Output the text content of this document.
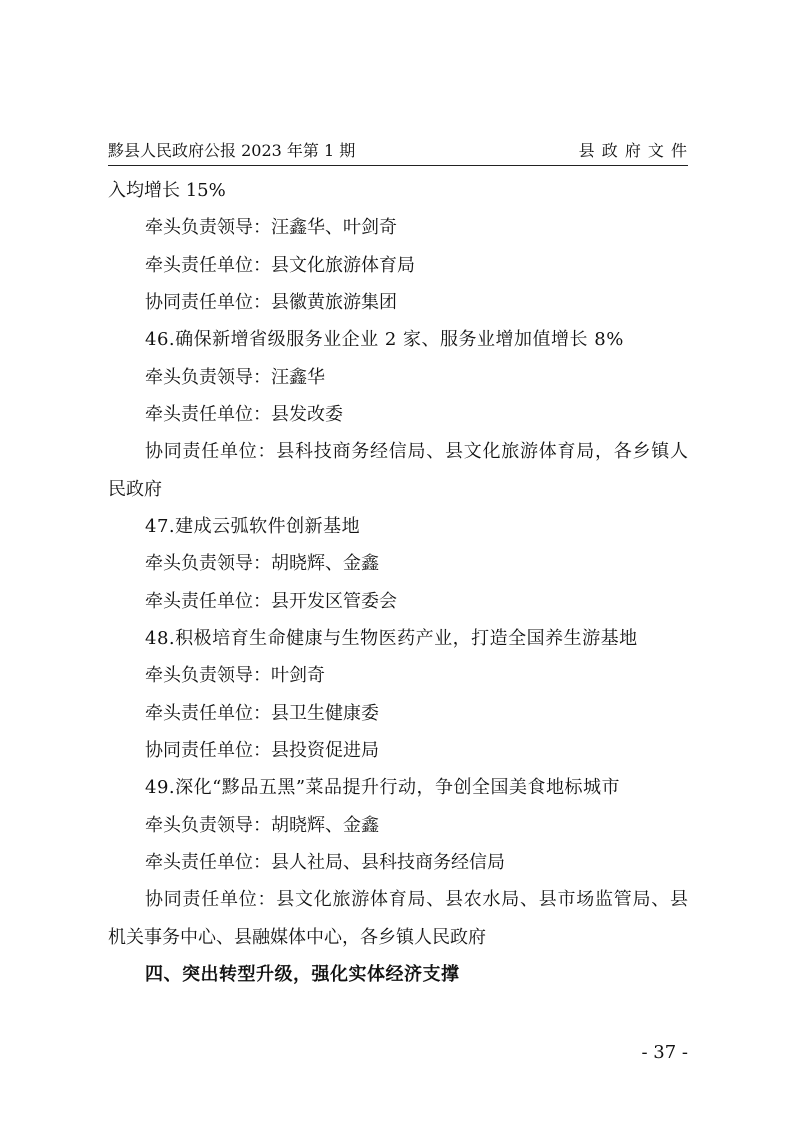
黟县人民政府公报 2023 年第 1 期	县 政 府 文 件
入均增长 15%
牵头负责领导：汪鑫华、叶剑奇
牵头责任单位：县文化旅游体育局
协同责任单位：县徽黄旅游集团
46.确保新增省级服务业企业 2 家、服务业增加值增长 8%
牵头负责领导：汪鑫华
牵头责任单位：县发改委
协同责任单位：县科技商务经信局、县文化旅游体育局，各乡镇人
民政府
47.建成云弧软件创新基地
牵头负责领导：胡晓辉、金鑫
牵头责任单位：县开发区管委会
48.积极培育生命健康与生物医药产业，打造全国养生游基地
牵头负责领导：叶剑奇
牵头责任单位：县卫生健康委
协同责任单位：县投资促进局
49.深化“黟品五黑”菜品提升行动，争创全国美食地标城市
牵头负责领导：胡晓辉、金鑫
牵头责任单位：县人社局、县科技商务经信局
协同责任单位：县文化旅游体育局、县农水局、县市场监管局、县
机关事务中心、县融媒体中心，各乡镇人民政府
四、突出转型升级，强化实体经济支撑
- 37 -
